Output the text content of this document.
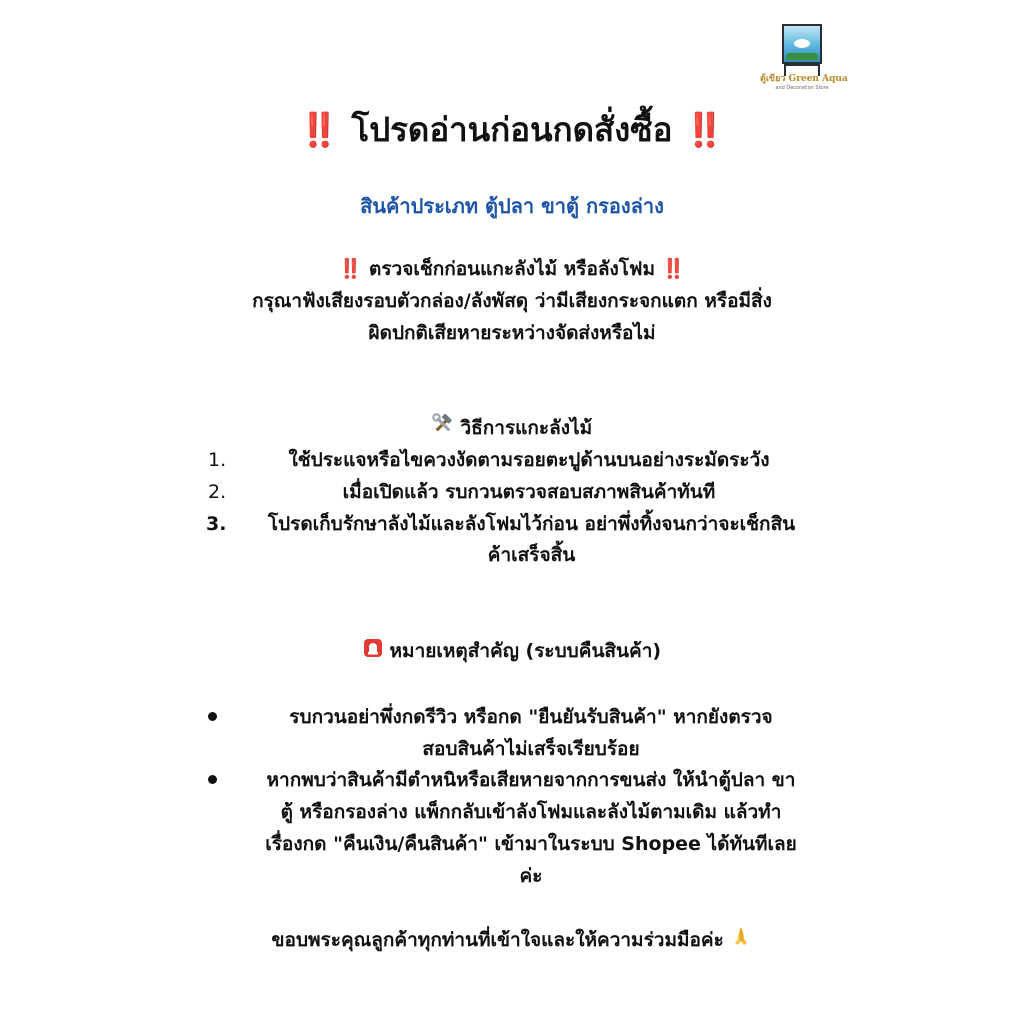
ตู้เขียว Green Aqua
and Decoration Store
‼️ โปรดอ่านก่อนกดสั่งซื้อ ‼️
สินค้าประเภท ตู้ปลา ขาตู้ กรองล่าง
‼️ ตรวจเช็กก่อนแกะลังไม้ หรือลังโฟม ‼️
กรุณาฟังเสียงรอบตัวกล่อง/ลังพัสดุ ว่ามีเสียงกระจกแตก หรือมีสิ่ง
ผิดปกติเสียหายระหว่างจัดส่งหรือไม่
วิธีการแกะลังไม้
1.	ใช้ประแจหรือไขควงงัดตามรอยตะปูด้านบนอย่างระมัดระวัง
2.	เมื่อเปิดแล้ว รบกวนตรวจสอบสภาพสินค้าทันที
3.	โปรดเก็บรักษาลังไม้และลังโฟมไว้ก่อน อย่าพึ่งทิ้งจนกว่าจะเช็กสิน
ค้าเสร็จสิ้น
หมายเหตุสำคัญ (ระบบคืนสินค้า)
รบกวนอย่าพึ่งกดรีวิว หรือกด "ยืนยันรับสินค้า" หากยังตรวจ
สอบสินค้าไม่เสร็จเรียบร้อย
หากพบว่าสินค้ามีตำหนิหรือเสียหายจากการขนส่ง ให้นำตู้ปลา ขา
ตู้ หรือกรองล่าง แพ็กกลับเข้าลังโฟมและลังไม้ตามเดิม แล้วทำ
เรื่องกด "คืนเงิน/คืนสินค้า" เข้ามาในระบบ Shopee ได้ทันทีเลย
ค่ะ
ขอบพระคุณลูกค้าทุกท่านที่เข้าใจและให้ความร่วมมือค่ะ
